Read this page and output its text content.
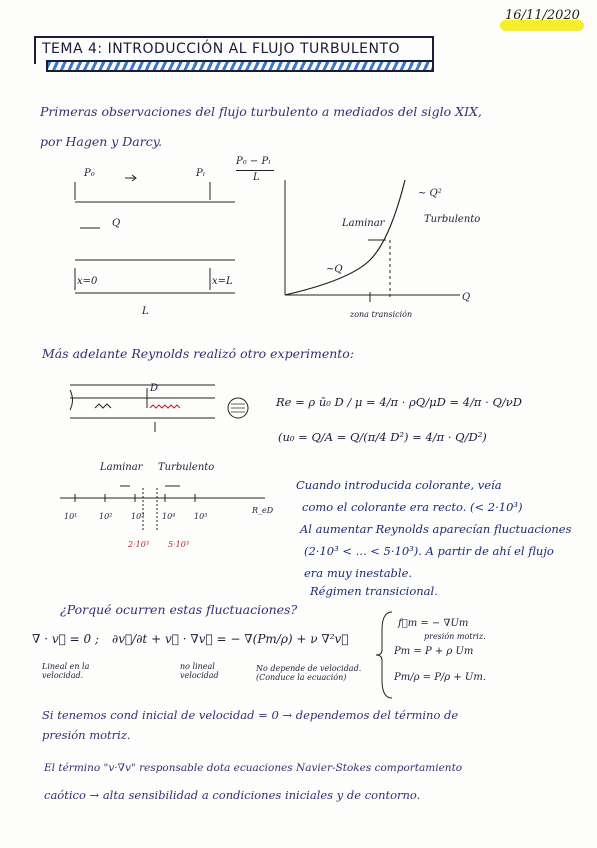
16/11/2020
TEMA 4: INTRODUCCIÓN AL FLUJO TURBULENTO
Primeras observaciones del flujo turbulento a mediados del siglo XIX,
por Hagen y Darcy.
P₀	Pₗ
Q
x=0	x=L
L
P₀ − Pₗ
L
Laminar	Turbulento
~ Q²
~Q
zona transición
Q
Más adelante Reynolds realizó otro experimento:
D
Re = ρ ū₀ D / μ = 4/π · ρQ/μD = 4/π · Q/νD
(u₀ = Q/A = Q/(π/4 D²) = 4/π · Q/D²)
Laminar Turbulento
10¹	10² 10³ 10⁴ 10⁵
R_eD
2·10³ 5·10³
Cuando introducida colorante, veía
como el colorante era recto. (< 2·10³)
Al aumentar Reynolds aparecían fluctuaciones
(2·10³ < ... < 5·10³). A partir de ahí el flujo
era muy inestable.
Régimen transicional.
¿Porqué ocurren estas fluctuaciones?
∇ · v⃗ = 0 ; ∂v⃗/∂t + v⃗ · ∇v⃗ = − ∇(Pm/ρ) + ν ∇²v⃗
Lineal en la velocidad.
no lineal velocidad
No depende de velocidad. (Conduce la ecuación)
f⃗m = − ∇Um
presión motriz.
Pm = P + ρ Um
Pm/ρ = P/ρ + Um.
Si tenemos cond inicial de velocidad = 0 → dependemos del término de
presión motriz.
El término "v·∇v" responsable dota ecuaciones Navier-Stokes comportamiento
caótico → alta sensibilidad a condiciones iniciales y de contorno.
